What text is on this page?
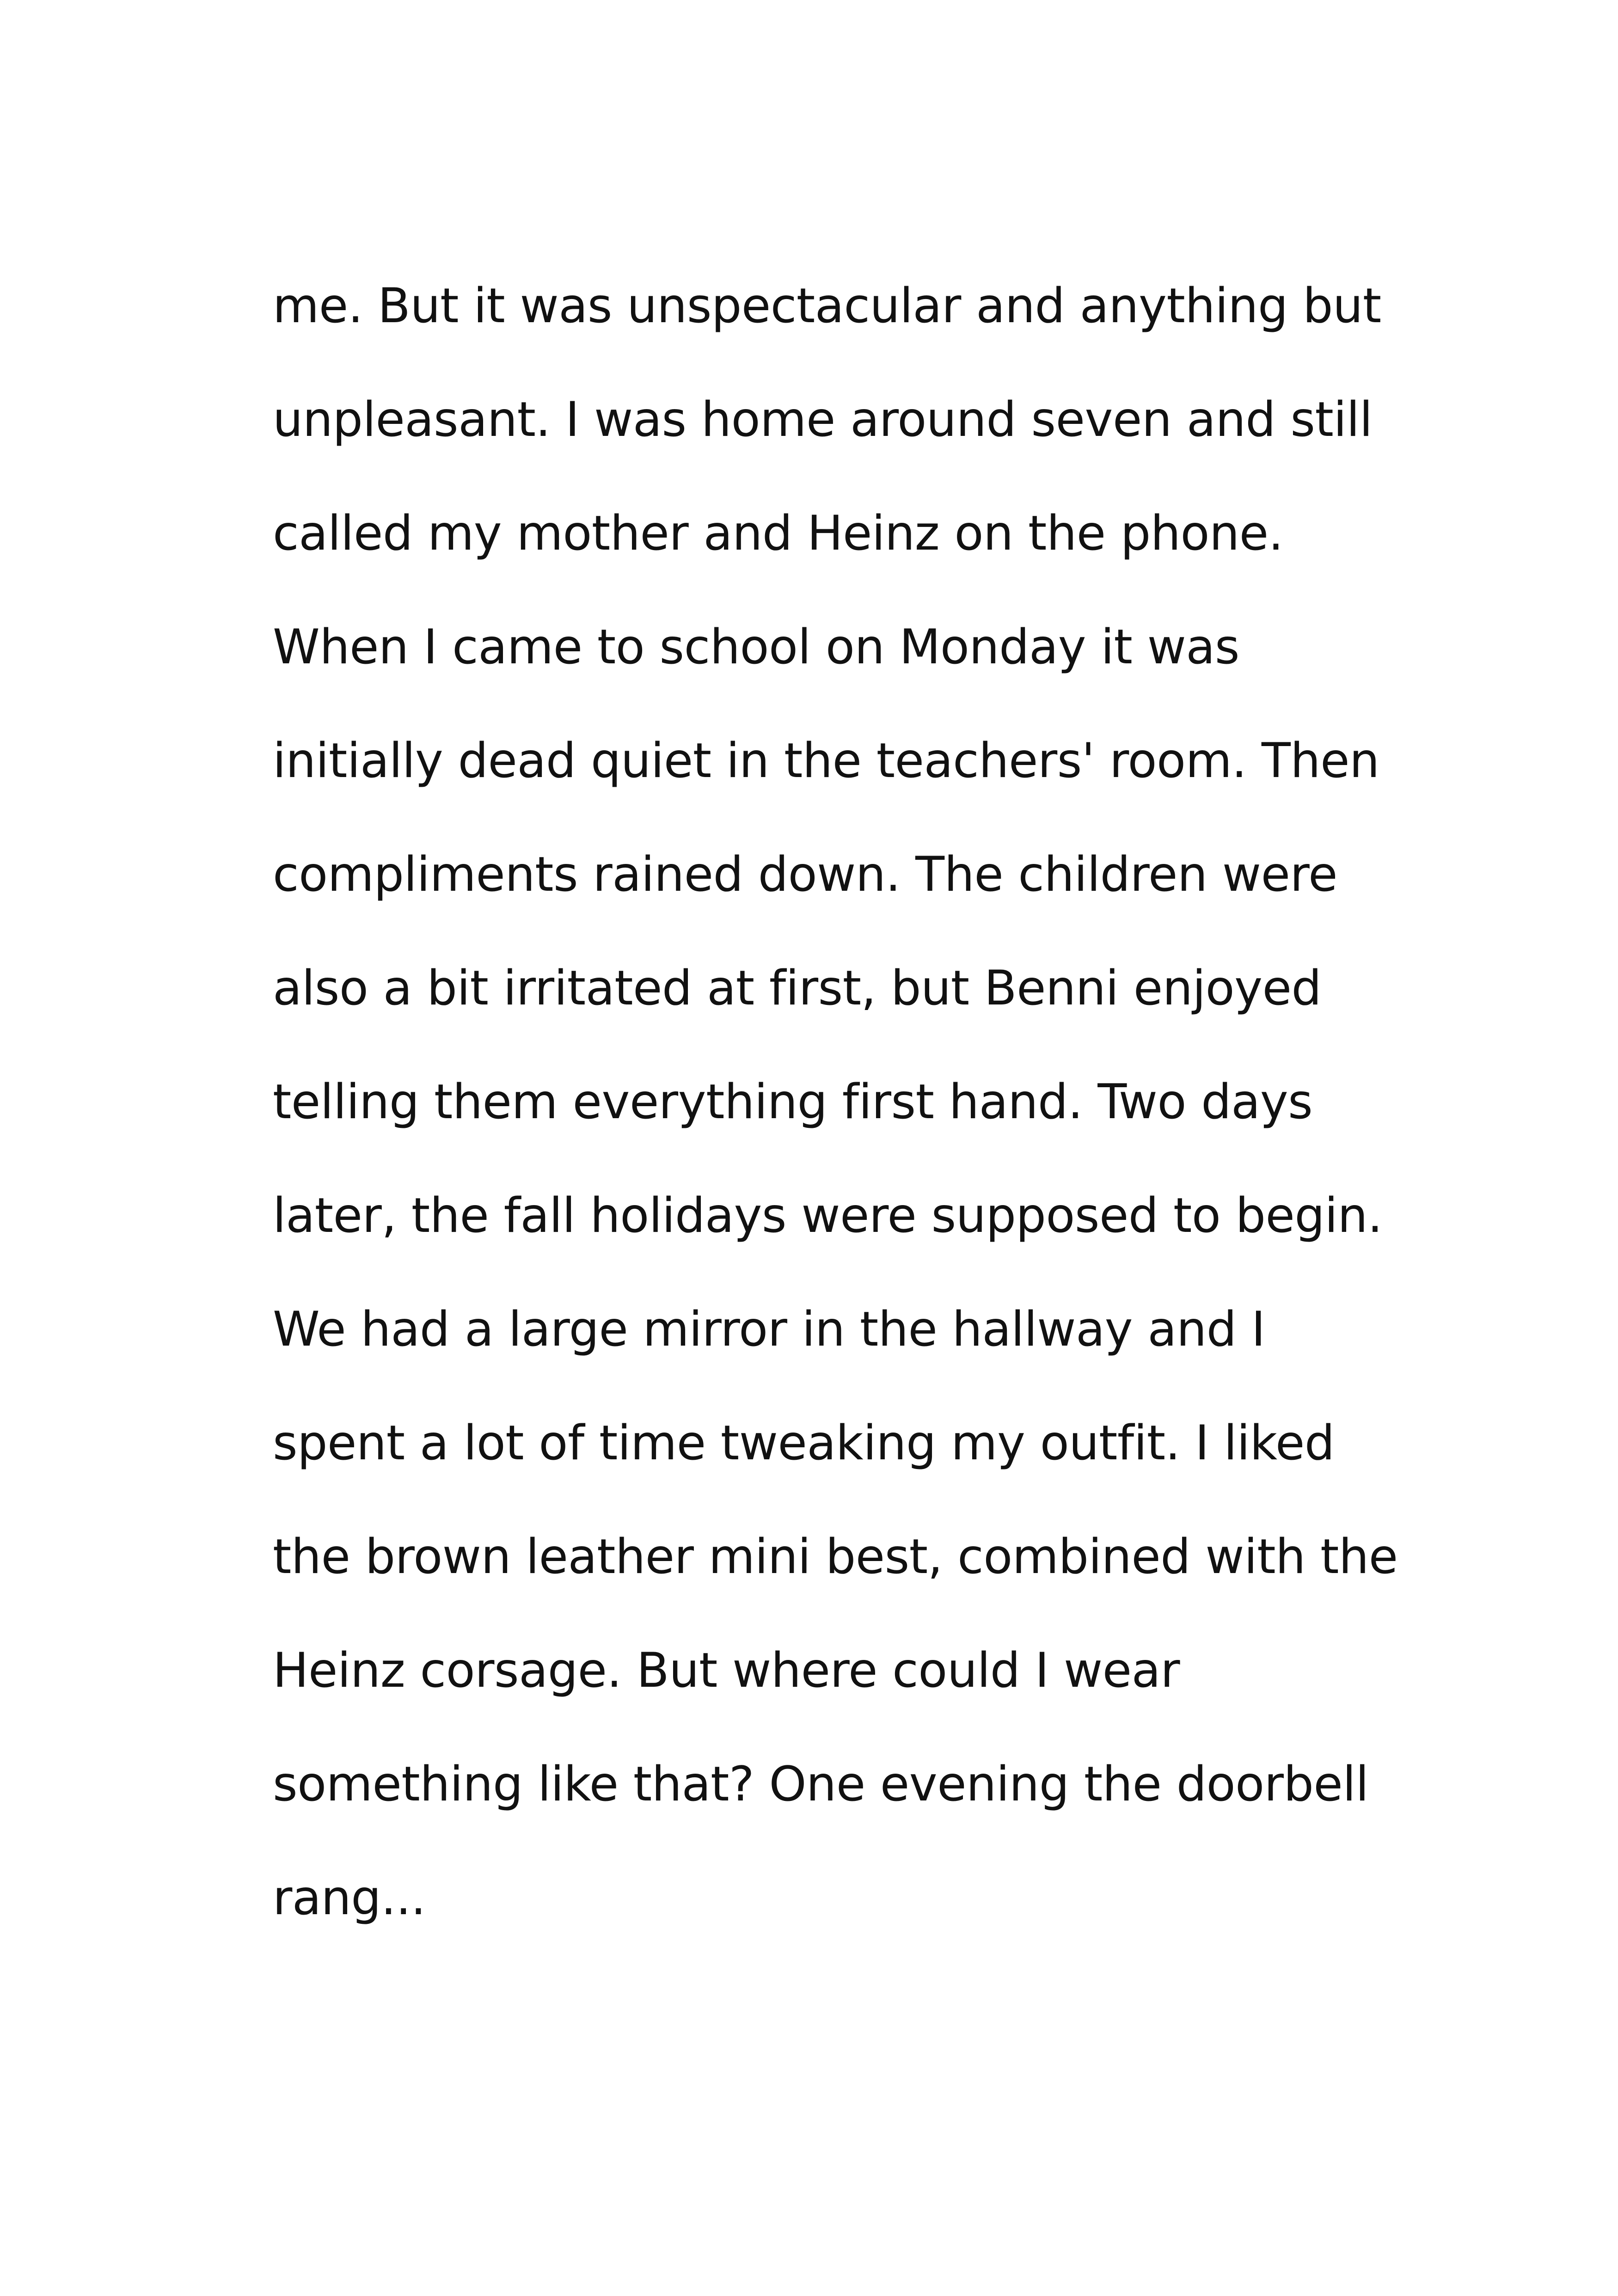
me. But it was unspectacular and anything but
unpleasant. I was home around seven and still
called my mother and Heinz on the phone.
When I came to school on Monday it was
initially dead quiet in the teachers' room. Then
compliments rained down. The children were
also a bit irritated at first, but Benni enjoyed
telling them everything first hand. Two days
later, the fall holidays were supposed to begin.
We had a large mirror in the hallway and I
spent a lot of time tweaking my outfit. I liked
the brown leather mini best, combined with the
Heinz corsage. But where could I wear
something like that? One evening the doorbell
rang...
